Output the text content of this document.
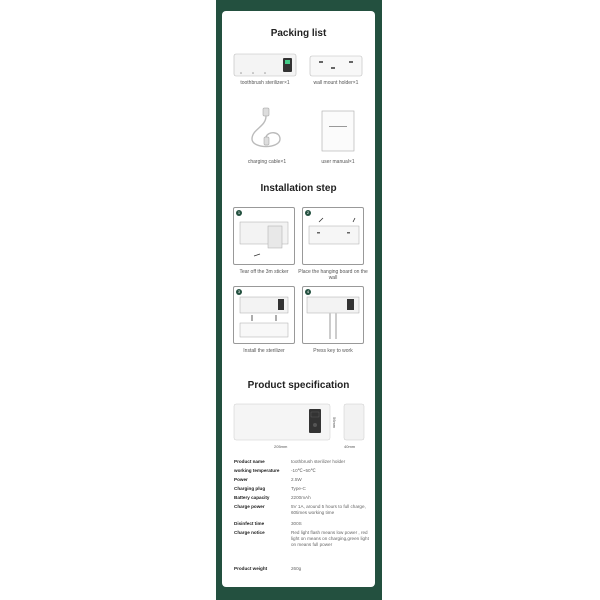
Packing list
toothbrush sterilizer×1	wall mount holder×1
charging cable×1	user manual×1
Installation step
1
Tear off the 3m sticker
2
Place the hanging board on the wall
3
Install the sterilizer
4
Press key to work
Product specification
205mm
56mm
40mm
Product name	toothbrush sterilizer holder
working temperature	-10℃~50℃
Power	2.5W
Charging plug	Type-C
Battery capacity	2200mAh
Charge power	5V 1A, around 5 hours to full charge, 60times working time
Disinfect time	300S
Charge notice	Red light flash means low power , red light on means on charging,green light on means full power
Product weight	260g
